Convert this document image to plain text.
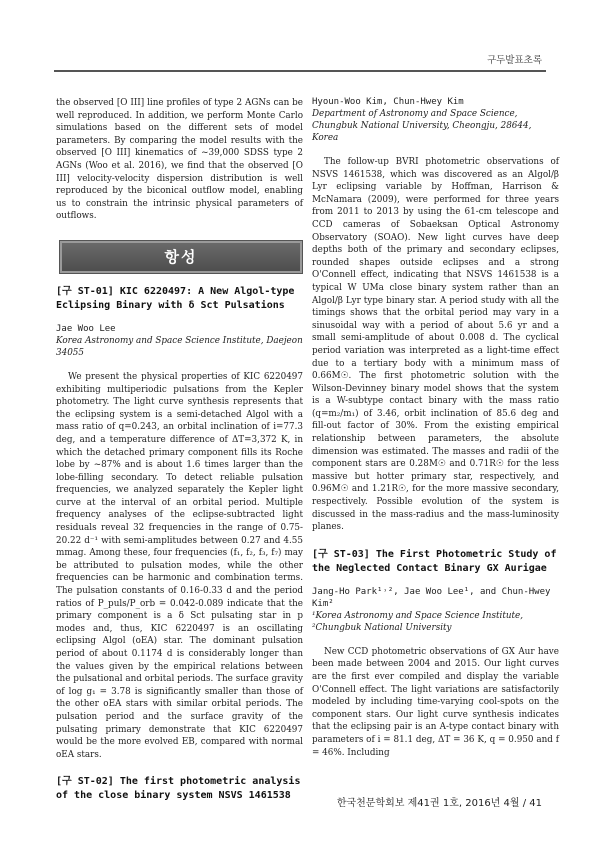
구두발표초록

the observed [O III] line profiles of type 2 AGNs can be well reproduced. In addition, we perform Monte Carlo simulations based on the different sets of model parameters. By comparing the model results with the observed [O III] kinematics of ~39,000 SDSS type 2 AGNs (Woo et al. 2016), we find that the observed [O III] velocity-velocity dispersion distribution is well reproduced by the biconical outflow model, enabling us to constrain the intrinsic physical parameters of outflows.

항성
[구 ST-01] KIC 6220497: A New Algol-type Eclipsing Binary with δ Sct Pulsations
Jae Woo Lee
Korea Astronomy and Space Science Institute, Daejeon 34055

We present the physical properties of KIC 6220497 exhibiting multiperiodic pulsations from the Kepler photometry. The light curve synthesis represents that the eclipsing system is a semi-detached Algol with a mass ratio of q=0.243, an orbital inclination of i=77.3 deg, and a temperature difference of ΔT=3,372 K, in which the detached primary component fills its Roche lobe by ~87% and is about 1.6 times larger than the lobe-filling secondary. To detect reliable pulsation frequencies, we analyzed separately the Kepler light curve at the interval of an orbital period. Multiple frequency analyses of the eclipse-subtracted light residuals reveal 32 frequencies in the range of 0.75-20.22 d⁻¹ with semi-amplitudes between 0.27 and 4.55 mmag. Among these, four frequencies (f₁, f₂, f₃, f₇) may be attributed to pulsation modes, while the other frequencies can be harmonic and combination terms. The pulsation constants of 0.16-0.33 d and the period ratios of P_puls/P_orb = 0.042-0.089 indicate that the primary component is a δ Sct pulsating star in p modes and, thus, KIC 6220497 is an oscillating eclipsing Algol (oEA) star. The dominant pulsation period of about 0.1174 d is considerably longer than the values given by the empirical relations between the pulsational and orbital periods. The surface gravity of log g₁ = 3.78 is significantly smaller than those of the other oEA stars with similar orbital periods. The pulsation period and the surface gravity of the pulsating primary demonstrate that KIC 6220497 would be the more evolved EB, compared with normal oEA stars.

[구 ST-02] The first photometric analysis of the close binary system NSVS 1461538
Hyoun-Woo Kim, Chun-Hwey Kim
Department of Astronomy and Space Science, Chungbuk National University, Cheongju, 28644, Korea

The follow-up BVRI photometric observations of NSVS 1461538, which was discovered as an Algol/β Lyr eclipsing variable by Hoffman, Harrison & McNamara (2009), were performed for three years from 2011 to 2013 by using the 61-cm telescope and CCD cameras of Sobaeksan Optical Astronomy Observatory (SOAO). New light curves have deep depths both of the primary and secondary eclipses, rounded shapes outside eclipses and a strong O'Connell effect, indicating that NSVS 1461538 is a typical W UMa close binary system rather than an Algol/β Lyr type binary star. A period study with all the timings shows that the orbital period may vary in a sinusoidal way with a period of about 5.6 yr and a small semi-amplitude of about 0.008 d. The cyclical period variation was interpreted as a light-time effect due to a tertiary body with a minimum mass of 0.66M☉. The first photometric solution with the Wilson-Devinney binary model shows that the system is a W-subtype contact binary with the mass ratio (q=m₂/m₁) of 3.46, orbit inclination of 85.6 deg and fill-out factor of 30%. From the existing empirical relationship between parameters, the absolute dimension was estimated. The masses and radii of the component stars are 0.28M☉ and 0.71R☉ for the less massive but hotter primary star, respectively, and 0.96M☉ and 1.21R☉, for the more massive secondary, respectively. Possible evolution of the system is discussed in the mass-radius and the mass-luminosity planes.

[구 ST-03] The First Photometric Study of the Neglected Contact Binary GX Aurigae
Jang-Ho Park¹˒², Jae Woo Lee¹, and Chun-Hwey Kim²
¹Korea Astronomy and Space Science Institute,
²Chungbuk National University

New CCD photometric observations of GX Aur have been made between 2004 and 2015. Our light curves are the first ever compiled and display the variable O'Connell effect. The light variations are satisfactorily modeled by including time-varying cool-spots on the component stars. Our light curve synthesis indicates that the eclipsing pair is an A-type contact binary with parameters of i = 81.1 deg, ΔT = 36 K, q = 0.950 and f = 46%. Including

한국천문학회보 제41권 1호, 2016년 4월 / 41
